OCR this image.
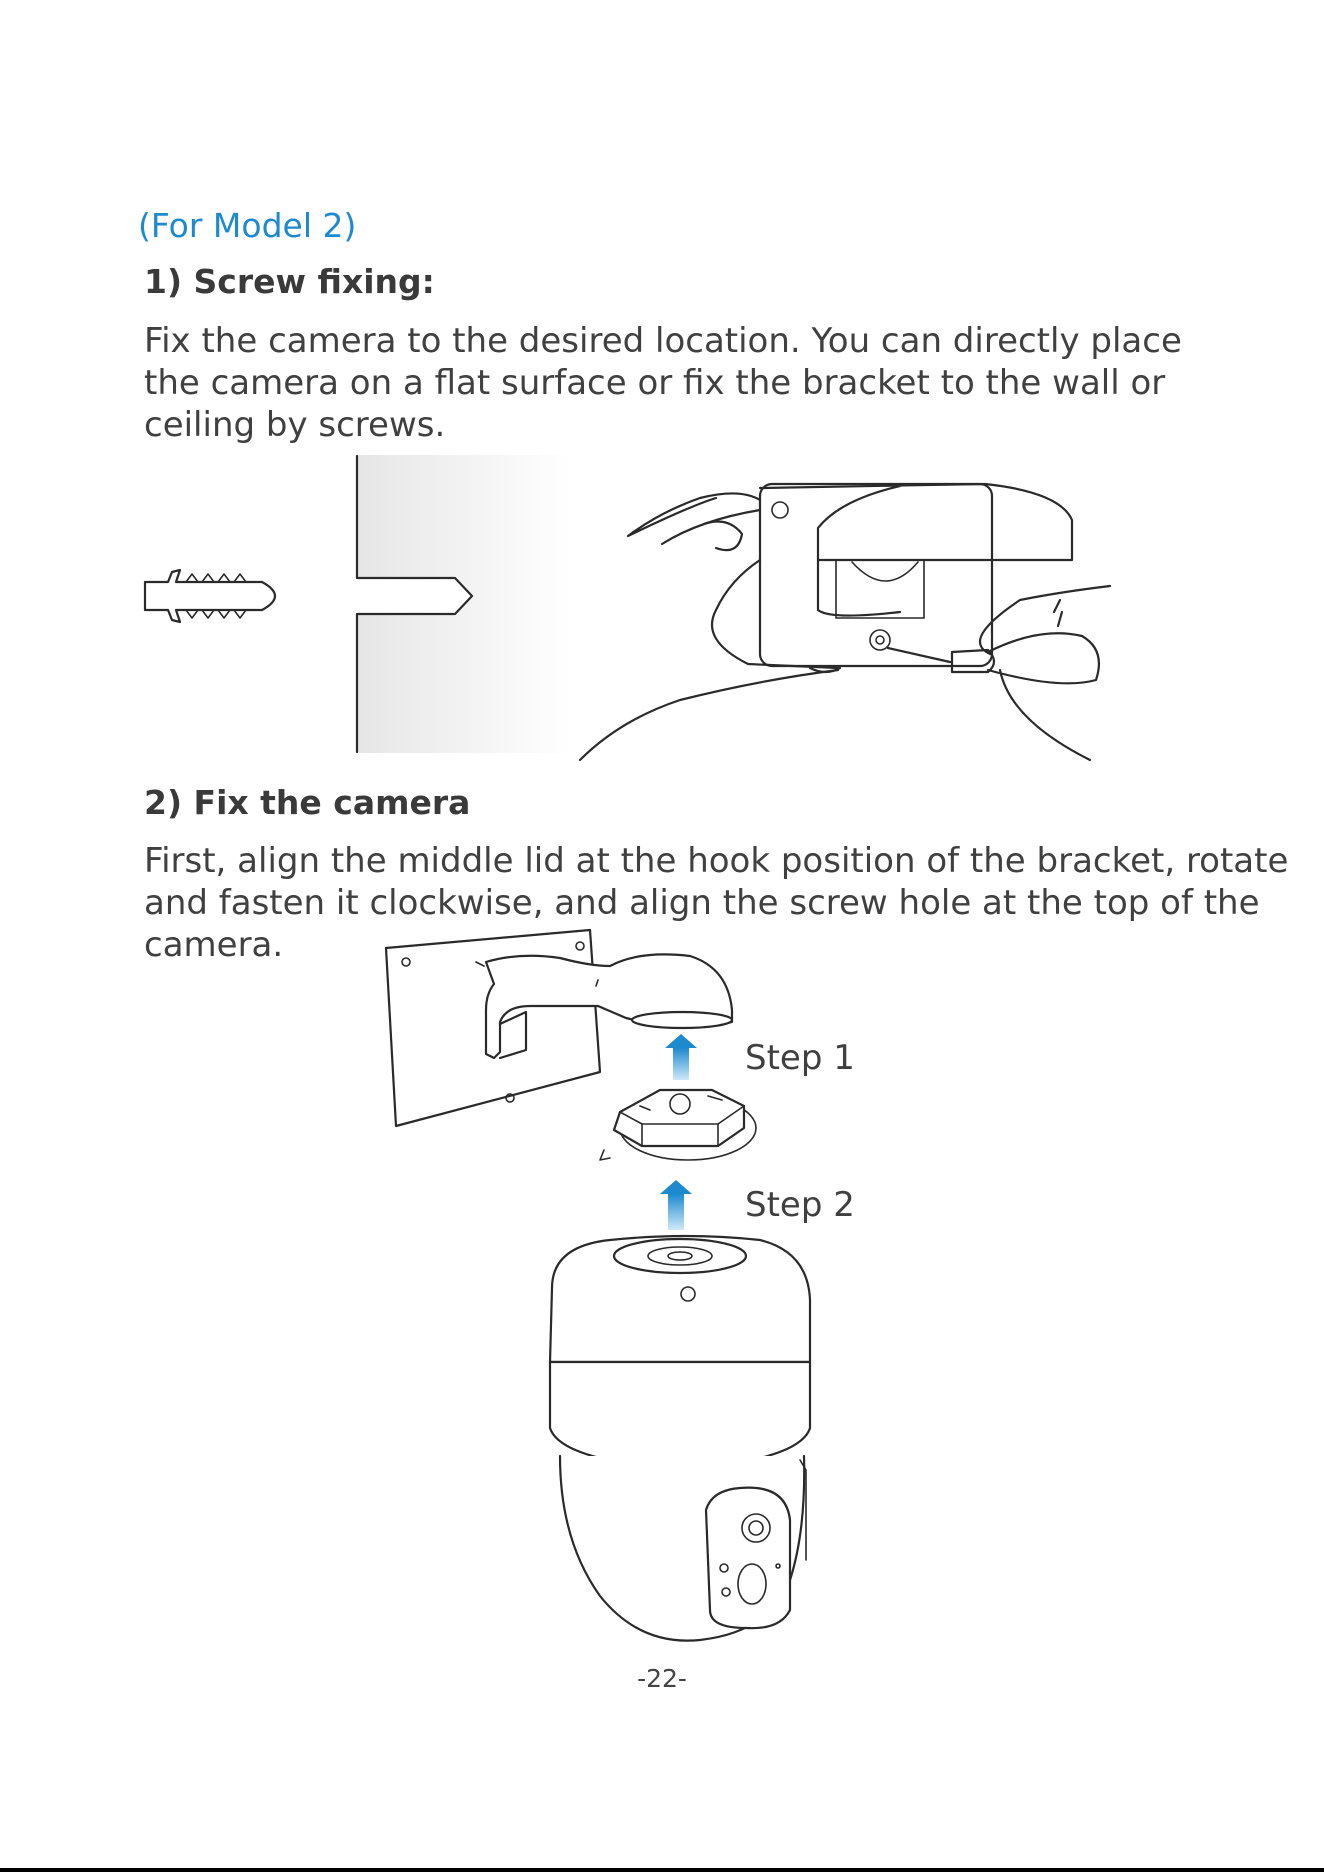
(For Model 2)

1) Screw fixing:

Fix the camera to the desired location. You can directly place
the camera on a flat surface or fix the bracket to the wall or
ceiling by screws.

2) Fix the camera

First, align the middle lid at the hook position of the bracket, rotate
and fasten it clockwise, and align the screw hole at the top of the
camera.

Step 1

Step 2

-22-
